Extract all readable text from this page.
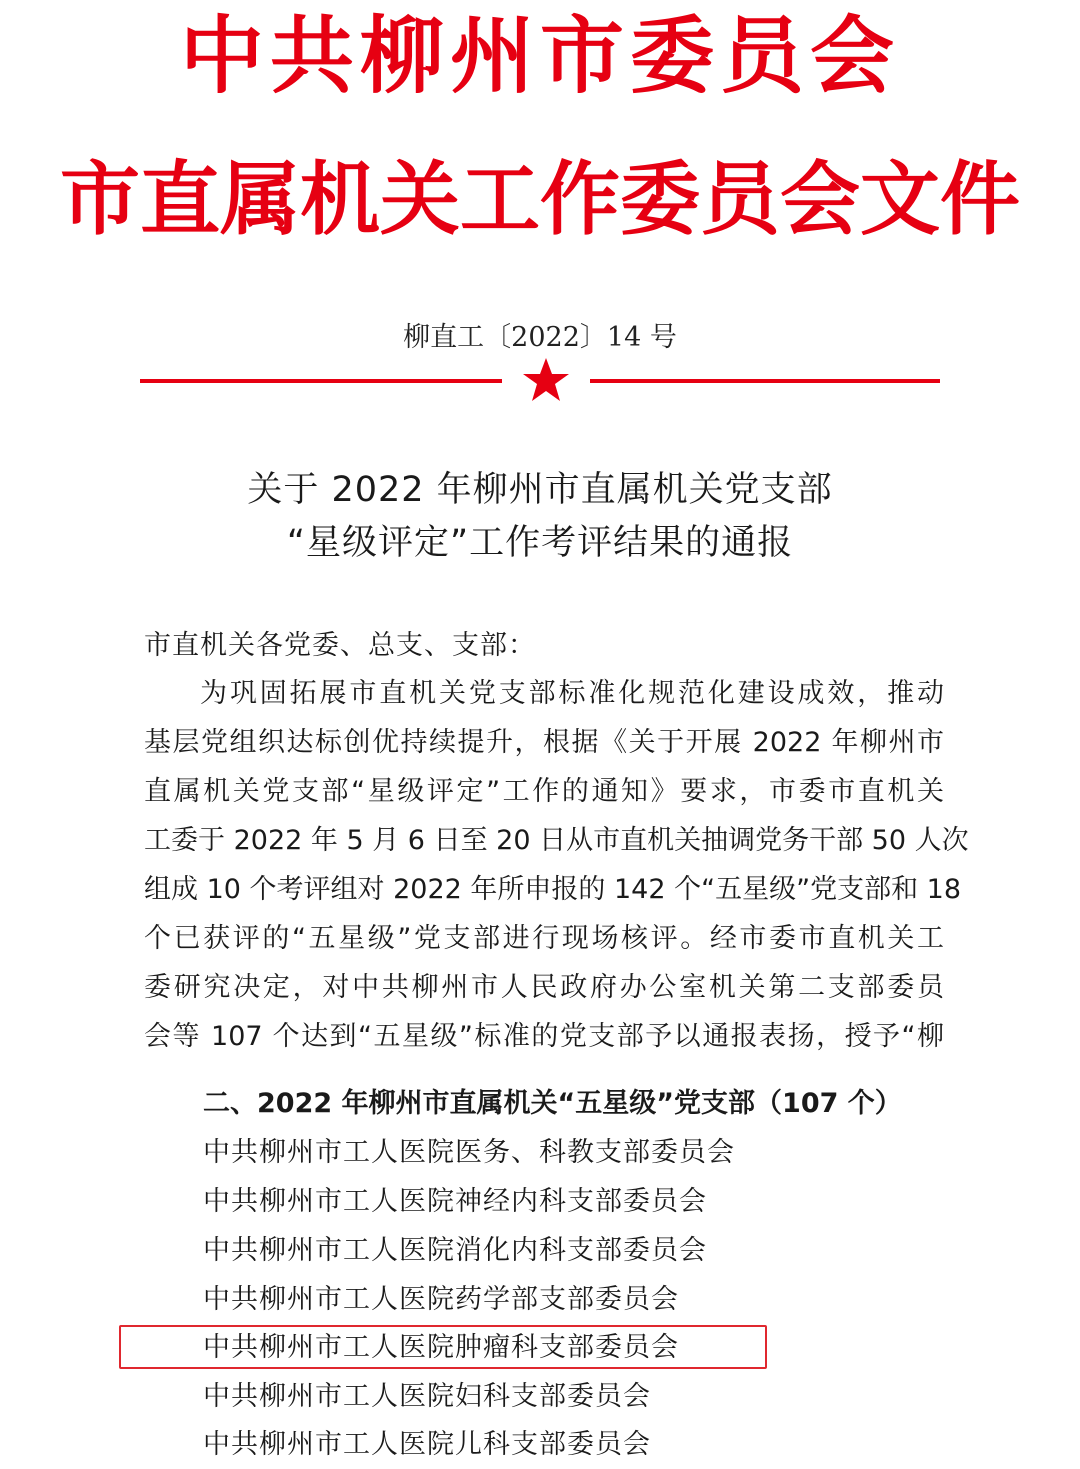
中共柳州市委员会
市直属机关工作委员会文件
柳直工〔2022〕14 号
关于 2022 年柳州市直属机关党支部
“星级评定”工作考评结果的通报
市直机关各党委、总支、支部：
为巩固拓展市直机关党支部标准化规范化建设成效，推动
基层党组织达标创优持续提升，根据《关于开展 2022 年柳州市
直属机关党支部“星级评定”工作的通知》要求，市委市直机关
工委于 2022 年 5 月 6 日至 20 日从市直机关抽调党务干部 50 人次
组成 10 个考评组对 2022 年所申报的 142 个“五星级”党支部和 18
个已获评的“五星级”党支部进行现场核评。经市委市直机关工
委研究决定，对中共柳州市人民政府办公室机关第二支部委员
会等 107 个达到“五星级”标准的党支部予以通报表扬，授予“柳
二、2022 年柳州市直属机关“五星级”党支部（107 个）
中共柳州市工人医院医务、科教支部委员会
中共柳州市工人医院神经内科支部委员会
中共柳州市工人医院消化内科支部委员会
中共柳州市工人医院药学部支部委员会
中共柳州市工人医院肿瘤科支部委员会
中共柳州市工人医院妇科支部委员会
中共柳州市工人医院儿科支部委员会
